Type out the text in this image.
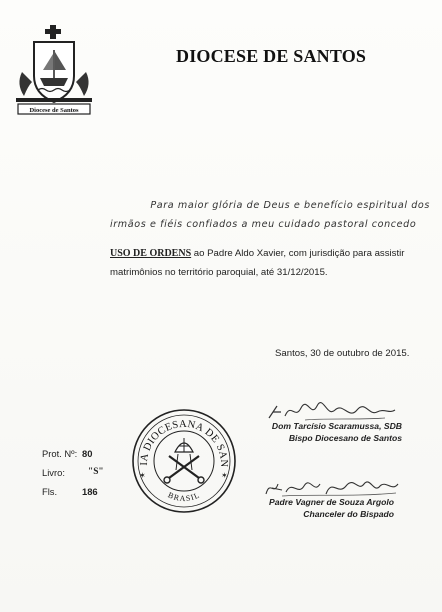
Diocese de Santos
DIOCESE DE SANTOS
Para maior glória de Deus e benefício espiritual dos
irmãos e fiéis confiados a meu cuidado pastoral concedo
USO DE ORDENS ao Padre Aldo Xavier, com jurisdição para assistir matrimônios no território paroquial, até 31/12/2015.
Santos, 30 de outubro de 2015.
Dom Tarcísio Scaramussa, SDB
Bispo Diocesano de Santos
IA DIOCESANA DE SAN
BRASIL
✶	✶
Prot. Nº: 80
Livro: "S"
Fls.	186
Padre Vagner de Souza Argolo
Chanceler do Bispado
